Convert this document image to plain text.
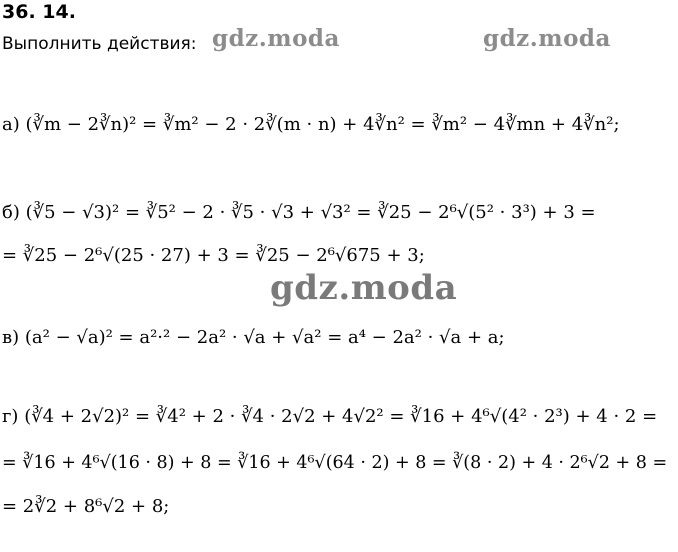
36. 14.
Выполнить действия: gdz.moda	gdz.moda
gdz.moda
a) (∛m − 2∛n)² = ∛m² − 2 · 2∛(m · n) + 4∛n² = ∛m² − 4∛mn + 4∛n²;
б) (∛5 − √3)² = ∛5² − 2 · ∛5 · √3 + √3² = ∛25 − 2⁶√(5² · 3³) + 3 =
= ∛25 − 2⁶√(25 · 27) + 3 = ∛25 − 2⁶√675 + 3;
в) (a² − √a)² = a²·² − 2a² · √a + √a² = a⁴ − 2a² · √a + a;
г) (∛4 + 2√2)² = ∛4² + 2 · ∛4 · 2√2 + 4√2² = ∛16 + 4⁶√(4² · 2³) + 4 · 2 =
= ∛16 + 4⁶√(16 · 8) + 8 = ∛16 + 4⁶√(64 · 2) + 8 = ∛(8 · 2) + 4 · 2⁶√2 + 8 =
= 2∛2 + 8⁶√2 + 8;
